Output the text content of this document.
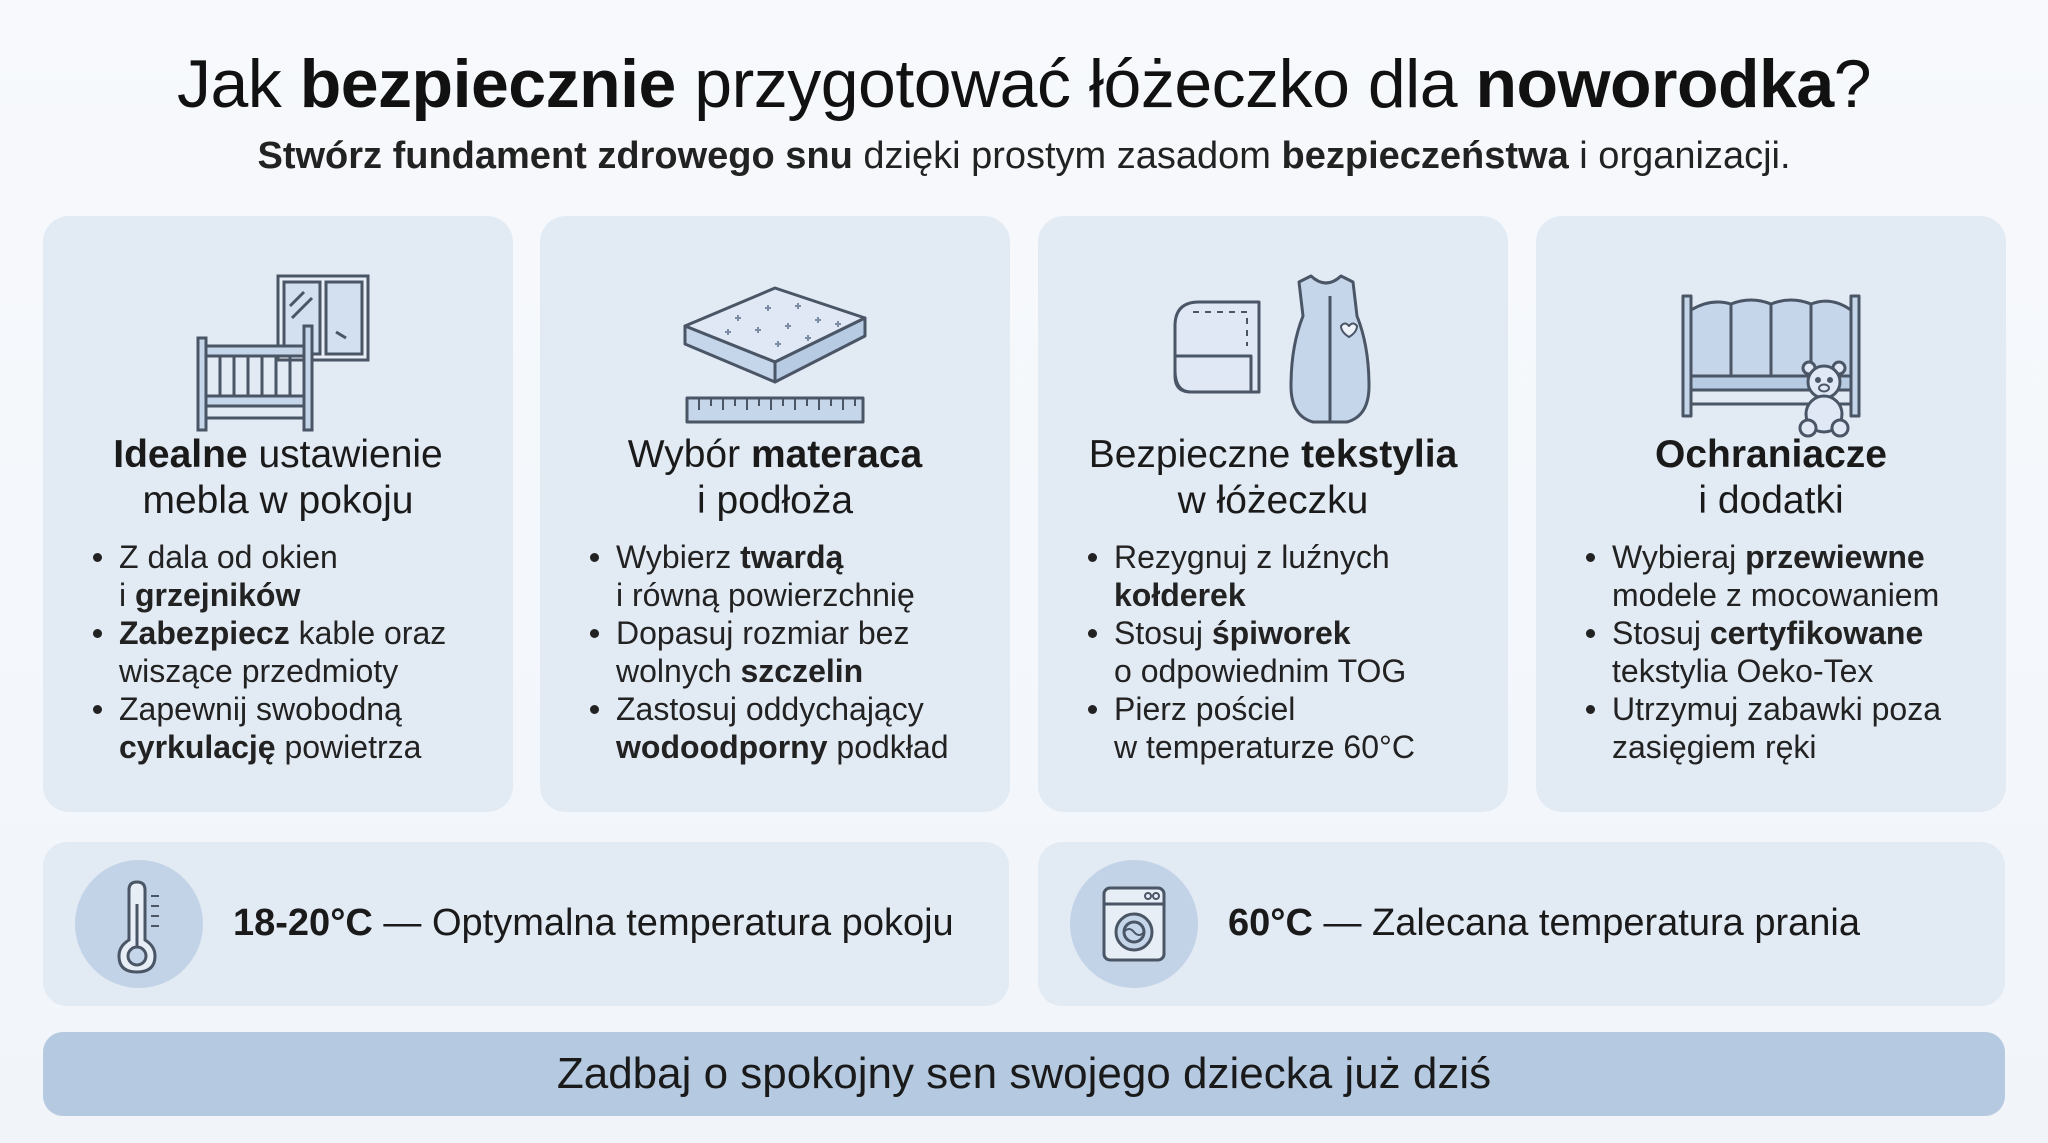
Jak bezpiecznie przygotować łóżeczko dla noworodka?
Stwórz fundament zdrowego snu dzięki prostym zasadom bezpieczeństwa i organizacji.
Idealne ustawienie
mebla w pokoju
Z dala od okien
i grzejników
Zabezpiecz kable oraz
wiszące przedmioty
Zapewnij swobodną
cyrkulację powietrza
Wybór materaca
i podłoża
Wybierz twardą
i równą powierzchnię
Dopasuj rozmiar bez
wolnych szczelin
Zastosuj oddychający
wodoodporny podkład
Bezpieczne tekstylia
w łóżeczku
Rezygnuj z luźnych
kołderek
Stosuj śpiworek
o odpowiednim TOG
Pierz pościel
w temperaturze 60°C
Ochraniacze
i dodatki
Wybieraj przewiewne
modele z mocowaniem
Stosuj certyfikowane
tekstylia Oeko-Tex
Utrzymuj zabawki poza
zasięgiem ręki
18-20°C — Optymalna temperatura pokoju	60°C — Zalecana temperatura prania
Zadbaj o spokojny sen swojego dziecka już dziś
